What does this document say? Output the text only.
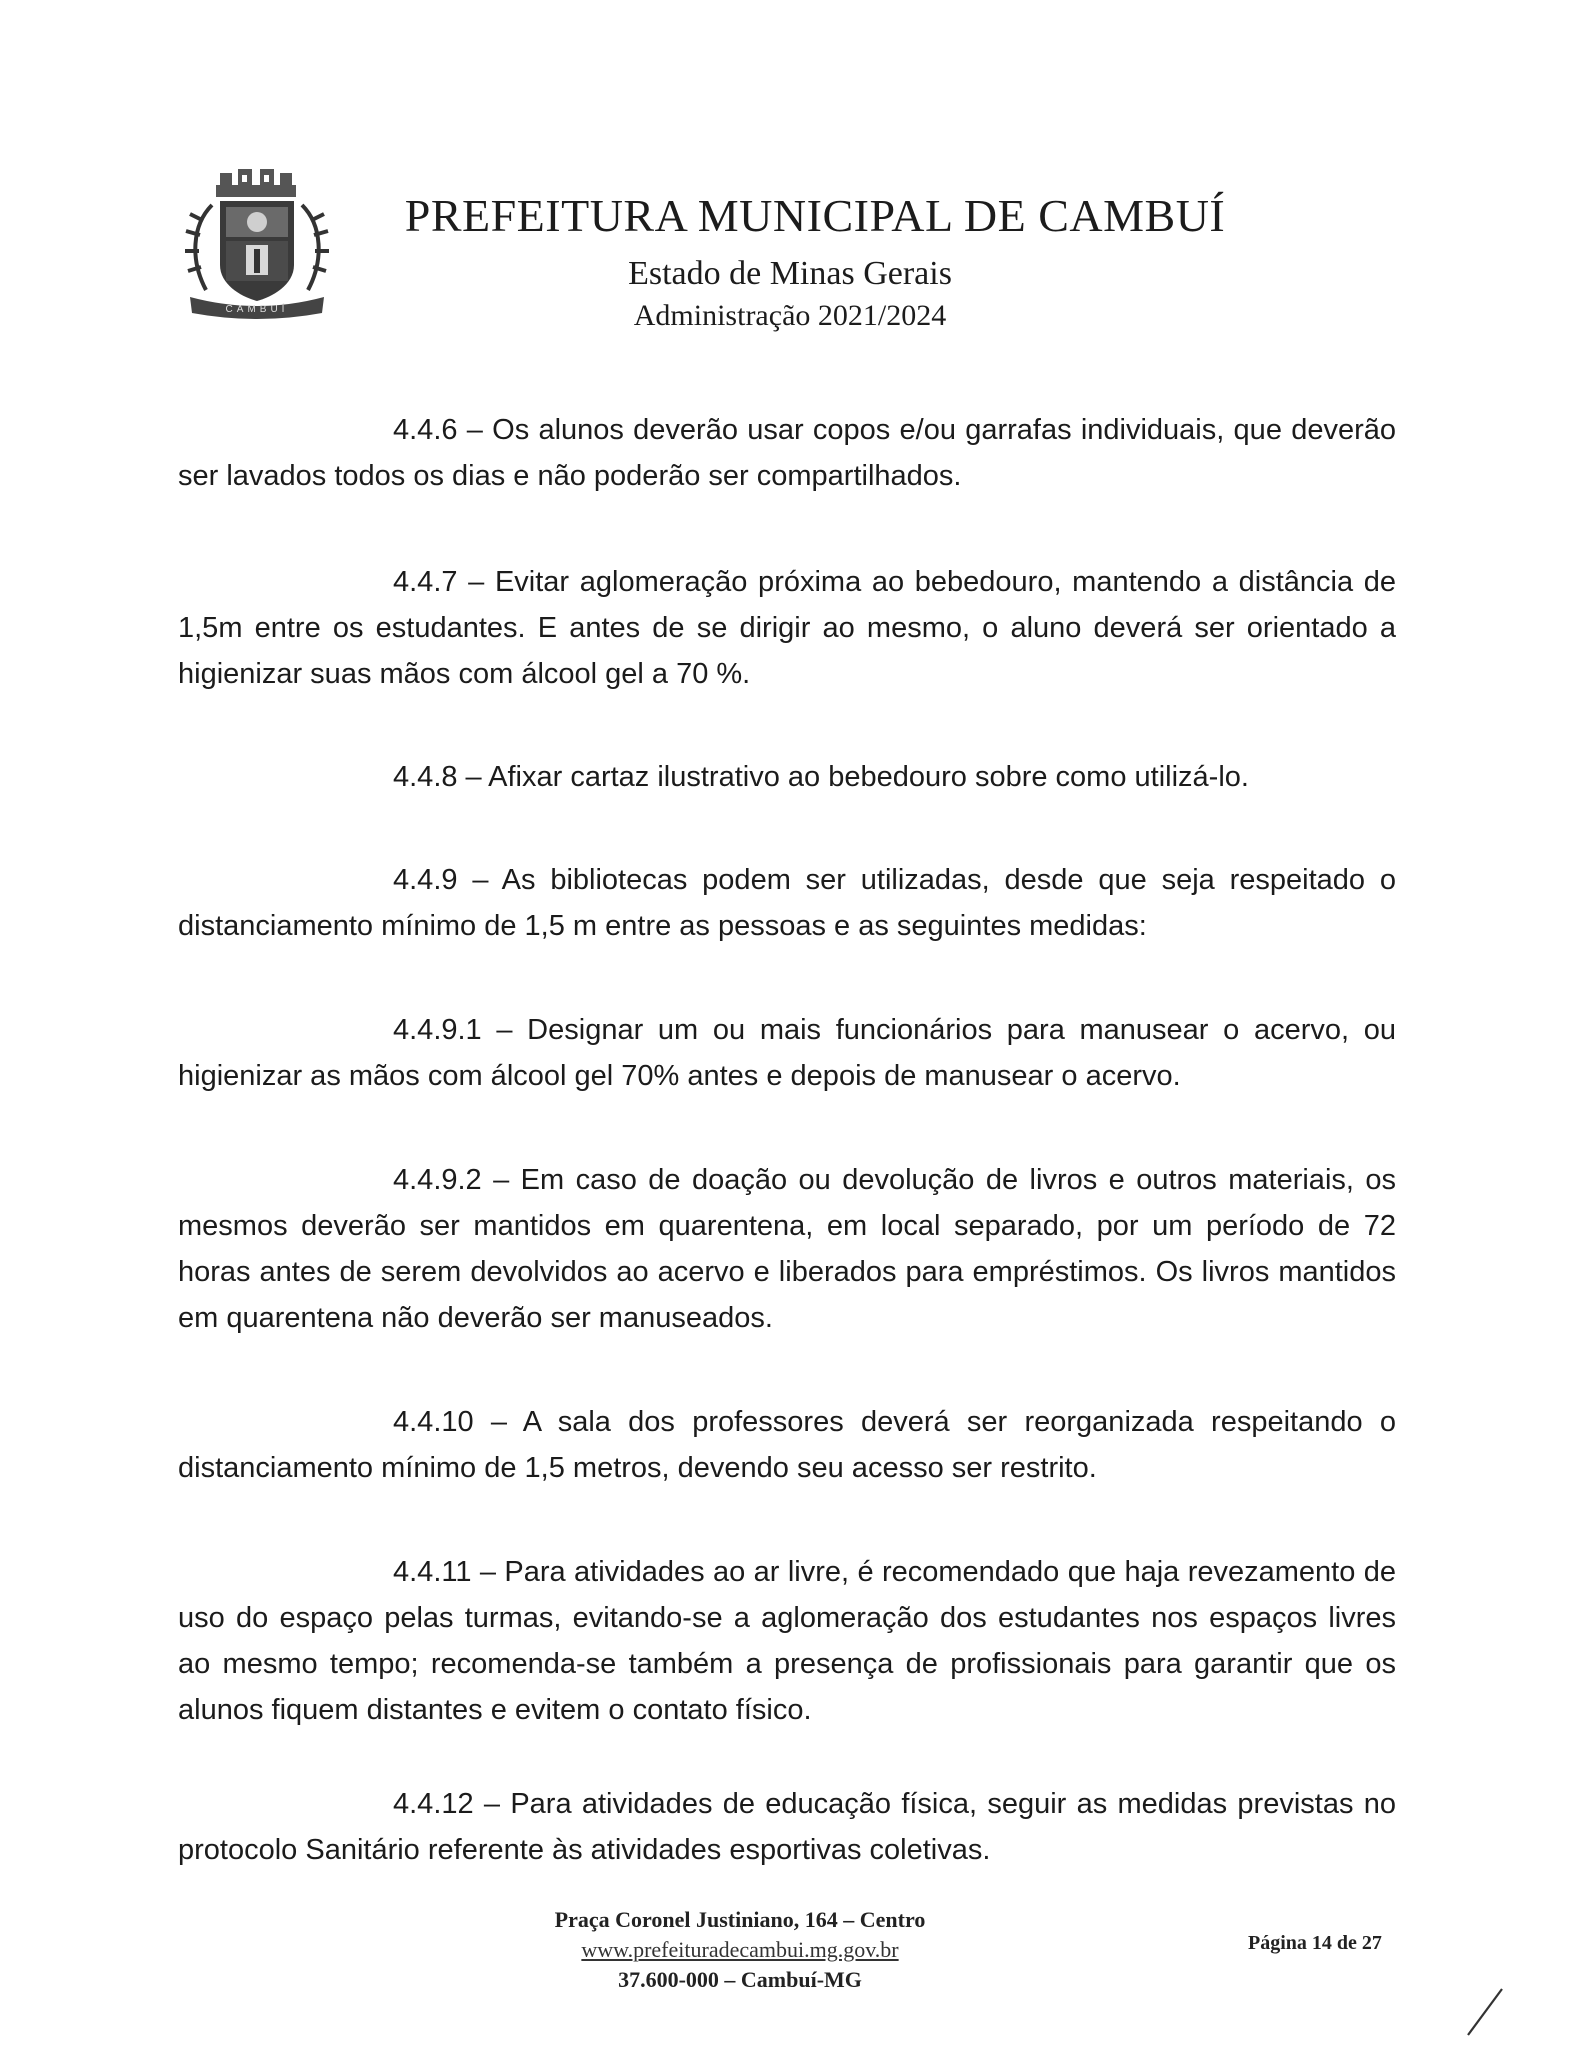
CAMBUÍ
PREFEITURA MUNICIPAL DE CAMBUÍ
Estado de Minas Gerais
Administração 2021/2024

4.4.6 – Os alunos deverão usar copos e/ou garrafas individuais, que deverão ser lavados todos os dias e não poderão ser compartilhados.

4.4.7 – Evitar aglomeração próxima ao bebedouro, mantendo a distância de 1,5m entre os estudantes. E antes de se dirigir ao mesmo, o aluno deverá ser orientado a higienizar suas mãos com álcool gel a 70 %.

4.4.8 – Afixar cartaz ilustrativo ao bebedouro sobre como utilizá-lo.

4.4.9 – As bibliotecas podem ser utilizadas, desde que seja respeitado o distanciamento mínimo de 1,5 m entre as pessoas e as seguintes medidas:

4.4.9.1 – Designar um ou mais funcionários para manusear o acervo, ou higienizar as mãos com álcool gel 70% antes e depois de manusear o acervo.

4.4.9.2 – Em caso de doação ou devolução de livros e outros materiais, os mesmos deverão ser mantidos em quarentena, em local separado, por um período de 72 horas antes de serem devolvidos ao acervo e liberados para empréstimos. Os livros mantidos em quarentena não deverão ser manuseados.

4.4.10 – A sala dos professores deverá ser reorganizada respeitando o distanciamento mínimo de 1,5 metros, devendo seu acesso ser restrito.

4.4.11 – Para atividades ao ar livre, é recomendado que haja revezamento de uso do espaço pelas turmas, evitando-se a aglomeração dos estudantes nos espaços livres ao mesmo tempo; recomenda-se também a presença de profissionais para garantir que os alunos fiquem distantes e evitem o contato físico.

4.4.12 – Para atividades de educação física, seguir as medidas previstas no protocolo Sanitário referente às atividades esportivas coletivas.

Praça Coronel Justiniano, 164 – Centro
www.prefeituradecambui.mg.gov.br
37.600-000 – Cambuí-MG
Página 14 de 27
